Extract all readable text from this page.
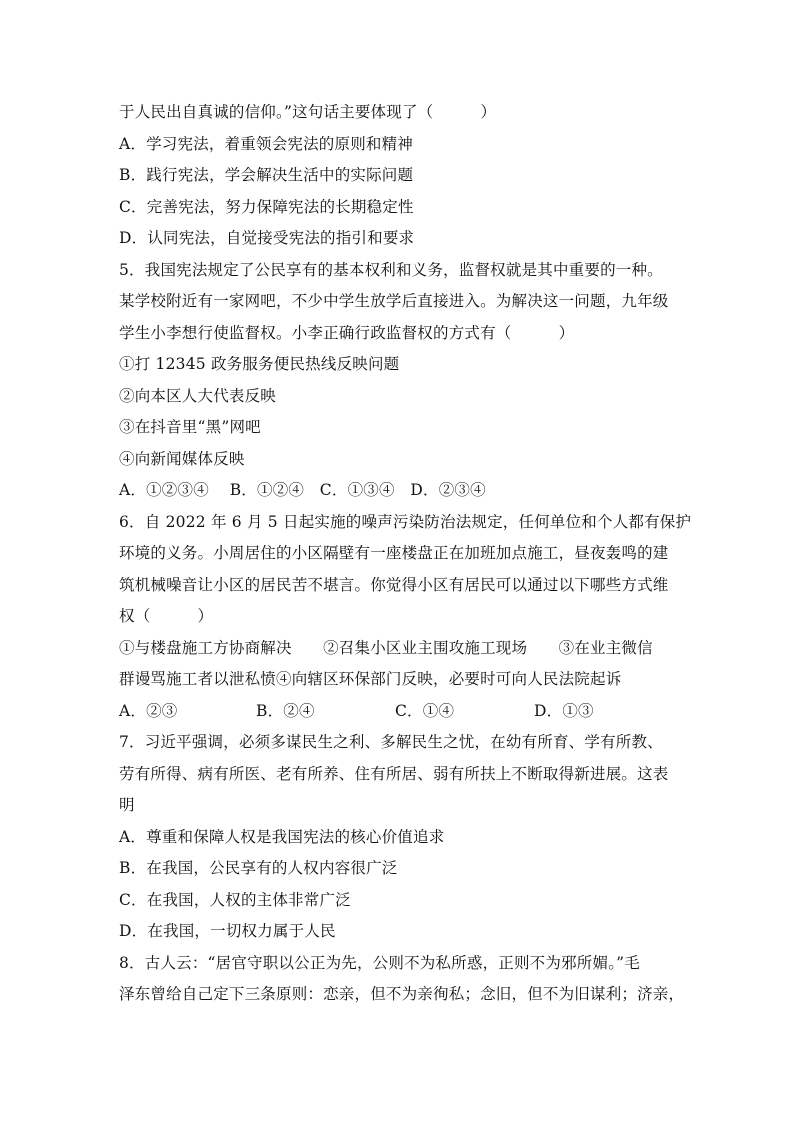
于人民出自真诚的信仰。”这句话主要体现了（　　　）
A．学习宪法，着重领会宪法的原则和精神
B．践行宪法，学会解决生活中的实际问题
C．完善宪法，努力保障宪法的长期稳定性
D．认同宪法，自觉接受宪法的指引和要求
5．我国宪法规定了公民享有的基本权利和义务，监督权就是其中重要的一种。
某学校附近有一家网吧，不少中学生放学后直接进入。为解决这一问题，九年级
学生小李想行使监督权。小李正确行政监督权的方式有（　　　）
①打 12345 政务服务便民热线反映问题
②向本区人大代表反映
③在抖音里“黑”网吧
④向新闻媒体反映
A．①②③④　 B．①②④　C．①③④　D．②③④
6．自 2022 年 6 月 5 日起实施的噪声污染防治法规定，任何单位和个人都有保护
环境的义务。小周居住的小区隔壁有一座楼盘正在加班加点施工，昼夜轰鸣的建
筑机械噪音让小区的居民苦不堪言。你觉得小区有居民可以通过以下哪些方式维
权（　　　）
①与楼盘施工方协商解决　　②召集小区业主围攻施工现场　　③在业主微信
群谩骂施工者以泄私愤④向辖区环保部门反映，必要时可向人民法院起诉
A．②③	B．②④	C．①④	D．①③
7．习近平强调，必须多谋民生之利、多解民生之忧，在幼有所育、学有所教、
劳有所得、病有所医、老有所养、住有所居、弱有所扶上不断取得新进展。这表
明
A．尊重和保障人权是我国宪法的核心价值追求
B．在我国，公民享有的人权内容很广泛
C．在我国，人权的主体非常广泛
D．在我国，一切权力属于人民
8．古人云：“居官守职以公正为先，公则不为私所惑，正则不为邪所媚。”毛
泽东曾给自己定下三条原则：恋亲，但不为亲徇私；念旧，但不为旧谋利；济亲，
